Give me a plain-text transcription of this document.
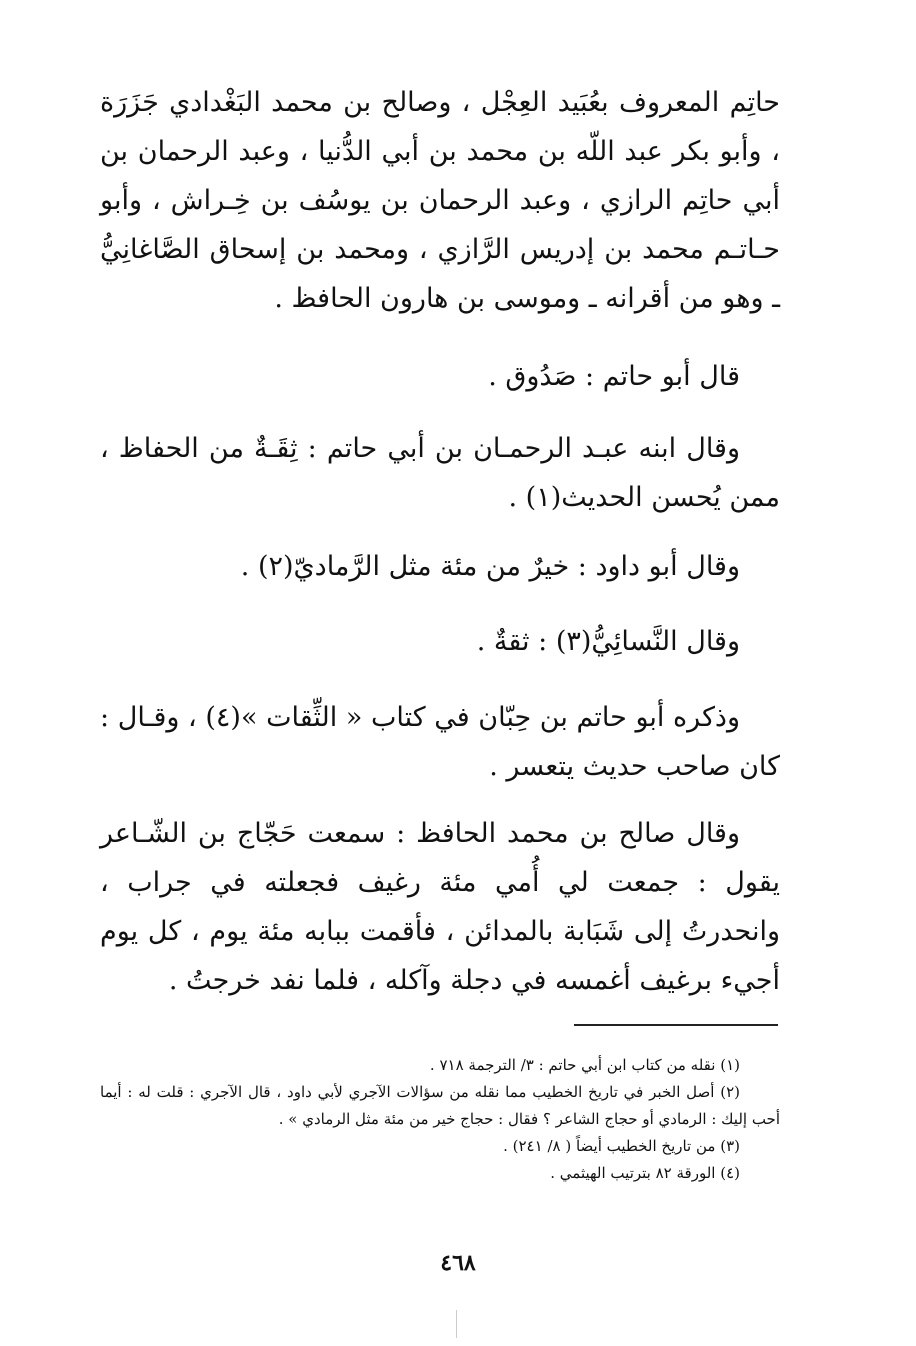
حاتِم المعروف بعُبَيد العِجْل ، وصالح بن محمد البَغْدادي جَزَرَة ، وأبو بكر عبد اللّه بن محمد بن أبي الدُّنيا ، وعبد الرحمان بن أبي حاتِم الرازي ، وعبد الرحمان بن يوسُف بن خِـراش ، وأبو حـاتـم محمد بن إدريس الرَّازي ، ومحمد بن إسحاق الصَّاغانِيُّ ـ وهو من أقرانه ـ وموسى بن هارون الحافظ .

قال أبو حاتم : صَدُوق .

وقال ابنه عبـد الرحمـان بن أبي حاتم : ثِقَـةٌ من الحفاظ ، ممن يُحسن الحديث(١) .

وقال أبو داود : خيرٌ من مئة مثل الرَّماديّ(٢) .

وقال النَّسائِيُّ(٣) : ثقةٌ .

وذكره أبو حاتم بن حِبّان في كتاب « الثِّقات »(٤) ، وقـال : كان صاحب حديث يتعسر .

وقال صالح بن محمد الحافظ : سمعت حَجّاج بن الشّـاعر يقول : جمعت لي أُمي مئة رغيف فجعلته في جراب ، وانحدرتُ إلى شَبَابة بالمدائن ، فأقمت ببابه مئة يوم ، كل يوم أجيء برغيف أغمسه في دجلة وآكله ، فلما نفد خرجتُ .

(١) نقله من كتاب ابن أبي حاتم : ٣/ الترجمة ٧١٨ .

(٢) أصل الخبر في تاريخ الخطيب مما نقله من سؤالات الآجري لأبي داود ، قال الآجري : قلت له : أيما أحب إليك : الرمادي أو حجاج الشاعر ؟ فقال : حجاج خير من مئة مثل الرمادي » .

(٣) من تاريخ الخطيب أيضاً ( ٨/ ٢٤١) .

(٤) الورقة ٨٢ بترتيب الهيثمي .

٤٦٨
